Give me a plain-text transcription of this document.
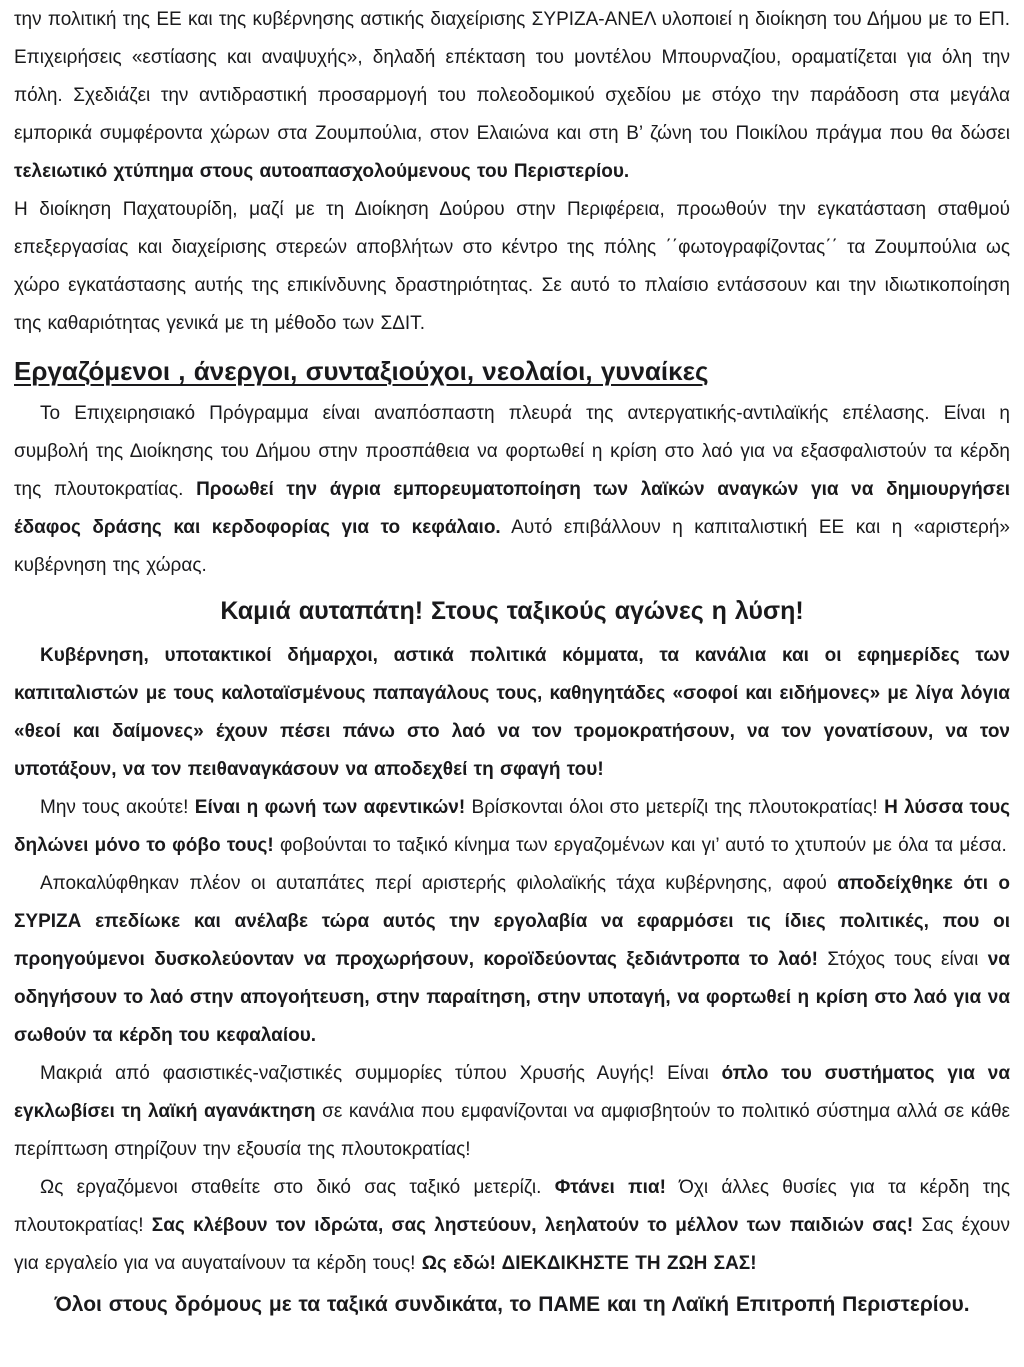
την πολιτική της ΕΕ και της κυβέρνησης αστικής διαχείρισης ΣΥΡΙΖΑ-ΑΝΕΛ υλοποιεί η διοίκηση του Δήμου με το ΕΠ. Επιχειρήσεις «εστίασης και αναψυχής», δηλαδή επέκταση του μοντέλου Μπουρναζίου, οραματίζεται για όλη την πόλη. Σχεδιάζει την αντιδραστική προσαρμογή του πολεοδομικού σχεδίου με στόχο την παράδοση στα μεγάλα εμπορικά συμφέροντα χώρων στα Ζουμπούλια, στον Ελαιώνα και στη Β’ ζώνη του Ποικίλου πράγμα που θα δώσει τελειωτικό χτύπημα στους αυτοαπασχολούμενους του Περιστερίου.

Η διοίκηση Παχατουρίδη, μαζί με τη Διοίκηση Δούρου στην Περιφέρεια, προωθούν την εγκατάσταση σταθμού επεξεργασίας και διαχείρισης στερεών αποβλήτων στο κέντρο της πόλης ΄΄φωτογραφίζοντας΄΄ τα Ζουμπούλια ως χώρο εγκατάστασης αυτής της επικίνδυνης δραστηριότητας. Σε αυτό το πλαίσιο εντάσσουν και την ιδιωτικοποίηση της καθαριότητας γενικά με τη μέθοδο των ΣΔΙΤ.

Εργαζόμενοι , άνεργοι, συνταξιούχοι, νεολαίοι, γυναίκες

Το Επιχειρησιακό Πρόγραμμα είναι αναπόσπαστη πλευρά της αντεργατικής-αντιλαϊκής επέλασης. Είναι η συμβολή της Διοίκησης του Δήμου στην προσπάθεια να φορτωθεί η κρίση στο λαό για να εξασφαλιστούν τα κέρδη της πλουτοκρατίας. Προωθεί την άγρια εμπορευματοποίηση των λαϊκών αναγκών για να δημιουργήσει έδαφος δράσης και κερδοφορίας για το κεφάλαιο. Αυτό επιβάλλουν η καπιταλιστική ΕΕ και η «αριστερή» κυβέρνηση της χώρας.

Καμιά αυταπάτη! Στους ταξικούς αγώνες η λύση!

Κυβέρνηση, υποτακτικοί δήμαρχοι, αστικά πολιτικά κόμματα, τα κανάλια και οι εφημερίδες των καπιταλιστών με τους καλοταϊσμένους παπαγάλους τους, καθηγητάδες «σοφοί και ειδήμονες» με λίγα λόγια «θεοί και δαίμονες» έχουν πέσει πάνω στο λαό να τον τρομοκρατήσουν, να τον γονατίσουν, να τον υποτάξουν, να τον πειθαναγκάσουν να αποδεχθεί τη σφαγή του!

Μην τους ακούτε! Είναι η φωνή των αφεντικών! Βρίσκονται όλοι στο μετερίζι της πλουτοκρατίας! Η λύσσα τους δηλώνει μόνο το φόβο τους! φοβούνται το ταξικό κίνημα των εργαζομένων και γι’ αυτό το χτυπούν με όλα τα μέσα.

Αποκαλύφθηκαν πλέον οι αυταπάτες περί αριστερής φιλολαϊκής τάχα κυβέρνησης, αφού αποδείχθηκε ότι ο ΣΥΡΙΖΑ επεδίωκε και ανέλαβε τώρα αυτός την εργολαβία να εφαρμόσει τις ίδιες πολιτικές, που οι προηγούμενοι δυσκολεύονταν να προχωρήσουν, κοροϊδεύοντας ξεδιάντροπα το λαό! Στόχος τους είναι να οδηγήσουν το λαό στην απογοήτευση, στην παραίτηση, στην υποταγή, να φορτωθεί η κρίση στο λαό για να σωθούν τα κέρδη του κεφαλαίου.

Μακριά από φασιστικές-ναζιστικές συμμορίες τύπου Χρυσής Αυγής! Είναι όπλο του συστήματος για να εγκλωβίσει τη λαϊκή αγανάκτηση σε κανάλια που εμφανίζονται να αμφισβητούν το πολιτικό σύστημα αλλά σε κάθε περίπτωση στηρίζουν την εξουσία της πλουτοκρατίας!

Ως εργαζόμενοι σταθείτε στο δικό σας ταξικό μετερίζι. Φτάνει πια! Όχι άλλες θυσίες για τα κέρδη της πλουτοκρατίας! Σας κλέβουν τον ιδρώτα, σας ληστεύουν, λεηλατούν το μέλλον των παιδιών σας! Σας έχουν για εργαλείο για να αυγαταίνουν τα κέρδη τους! Ως εδώ! ΔΙΕΚΔΙΚΗΣΤΕ ΤΗ ΖΩΗ ΣΑΣ!

Όλοι στους δρόμους με τα ταξικά συνδικάτα, το ΠΑΜΕ και τη Λαϊκή Επιτροπή Περιστερίου.
